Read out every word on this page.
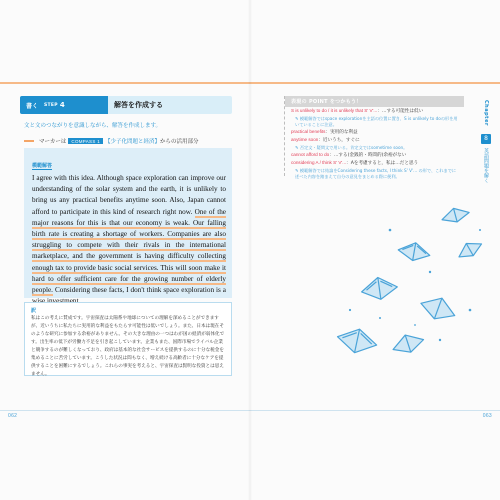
書く STEP 4	解答を作成する
文と文のつながりを意識しながら、解答を作成します。
マーカーは	COMPASS 1 【少子化問題と経済】 からの活用部分
模範解答

I agree with this idea. Although space exploration can improve our understanding of the solar system and the earth, it is unlikely to bring us any practical benefits anytime soon. Also, Japan cannot afford to participate in this kind of research right now. One of the major reasons for this is that our economy is weak. Our falling birth rate is creating a shortage of workers. Companies are also struggling to compete with their rivals in the international marketplace, and the government is having difficulty collecting enough tax to provide basic social services. This will soon make it hard to offer sufficient care for the growing number of elderly people. Considering these facts, I don't think space exploration is a

訳

私はこの考えに賛成です。宇宙探査は太陽系や地球についての理解を深めることができますが、近いうちに私たちに実用的な利益をもたらす可能性は低いでしょう。また、日本は現在そのような研究に参加する余裕がありません。その大きな理由の一つはわが国の経済が弱体化です。出生率の低下が労働力不足を引き起こしています。企業もまた、国際市場でライバル企業と競争するのが難しくなっており、政府は基本的な社会サービスを提供するのに十分な税金を集めることに苦労しています。こうした状況は間もなく、増え続ける高齢者に十分なケアを提供することを困難にするでしょう。これらの事実を考えると、宇宙探査は賢明な投資とは思えません。

062
表現の POINT をつかもう！
S is unlikely to do / it is unlikely that S' V'...：…する可能性は低い
✎ 模範解答ではspace explorationを主語の位置に置き、S is unlikely to doの形を用いていることに注意。
practical benefits：実用的な利益
anytime soon：近いうち，すぐに
✎ 否定文・疑問文で用いる。肯定文ではsometime soon。
cannot afford to do：…する(金銭的・時間的)余裕がない
considering A / think S' V'...：Aを考慮すると，私は…だと思う
✎ 模範解答では結論をConsidering these facts, I think S' V'... の形で、これまでに述べた内容を踏まえて自分の意見をまとめる際に便利。
Chapter
8
英語問題を解く
063
